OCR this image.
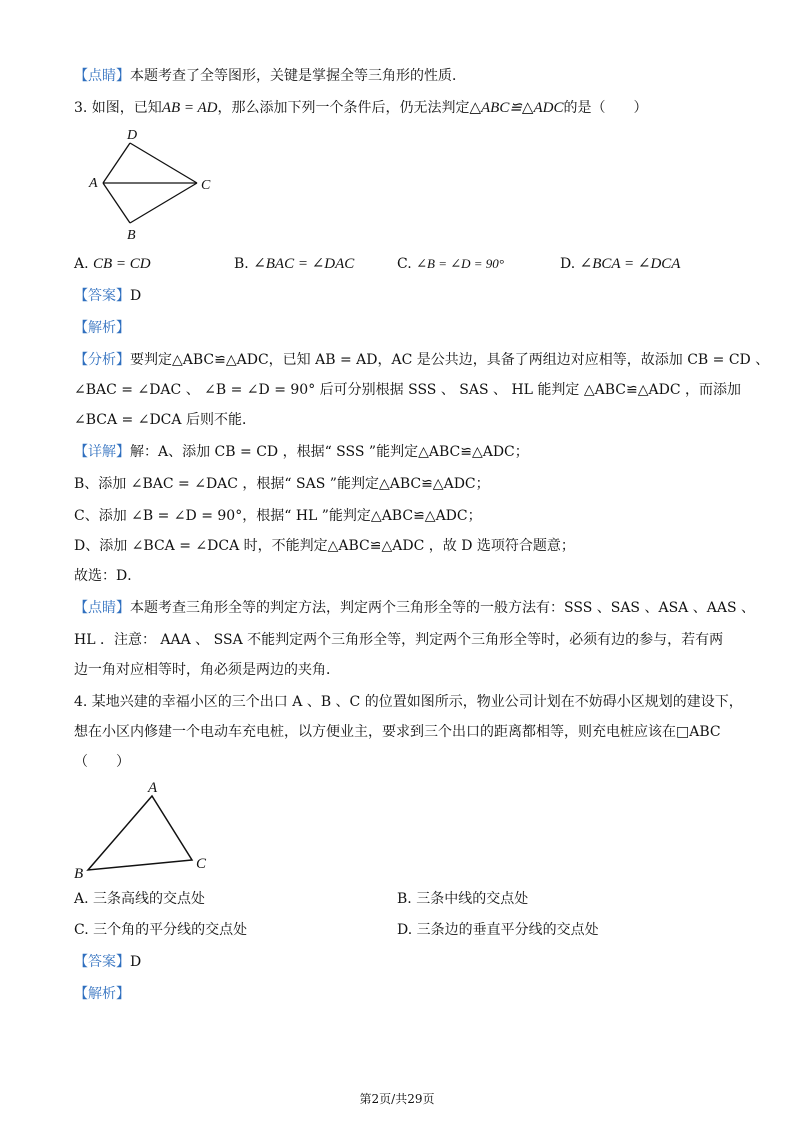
【点睛】本题考查了全等图形，关键是掌握全等三角形的性质．
3. 如图，已知AB = AD，那么添加下列一个条件后，仍无法判定△ABC≌△ADC的是（　　）
D
A	C
B
A. CB = CD	B. ∠BAC = ∠DAC	C. ∠B = ∠D = 90°	D. ∠BCA = ∠DCA
【答案】D
【解析】
【分析】要判定△ABC≌△ADC，已知 AB = AD，AC 是公共边，具备了两组边对应相等，故添加 CB = CD 、
∠BAC = ∠DAC 、 ∠B = ∠D = 90° 后可分别根据 SSS 、 SAS 、 HL 能判定 △ABC≌△ADC ，而添加
∠BCA = ∠DCA 后则不能．
【详解】解：A、添加 CB = CD ，根据“ SSS ”能判定△ABC≌△ADC；
B、添加 ∠BAC = ∠DAC ，根据“ SAS ”能判定△ABC≌△ADC；
C、添加 ∠B = ∠D = 90°，根据“ HL ”能判定△ABC≌△ADC；
D、添加 ∠BCA = ∠DCA 时，不能判定△ABC≌△ADC ，故 D 选项符合题意；
故选：D．
【点睛】本题考查三角形全等的判定方法，判定两个三角形全等的一般方法有：SSS 、SAS 、ASA 、AAS 、
HL ．注意： AAA 、 SSA 不能判定两个三角形全等，判定两个三角形全等时，必须有边的参与，若有两
边一角对应相等时，角必须是两边的夹角．
4. 某地兴建的幸福小区的三个出口 A 、B 、C 的位置如图所示，物业公司计划在不妨碍小区规划的建设下，
想在小区内修建一个电动车充电桩，以方便业主，要求到三个出口的距离都相等，则充电桩应该在□ABC
（　　）
A
B
C
A. 三条高线的交点处	B. 三条中线的交点处
C. 三个角的平分线的交点处	D. 三条边的垂直平分线的交点处
【答案】D
【解析】
第2页/共29页
